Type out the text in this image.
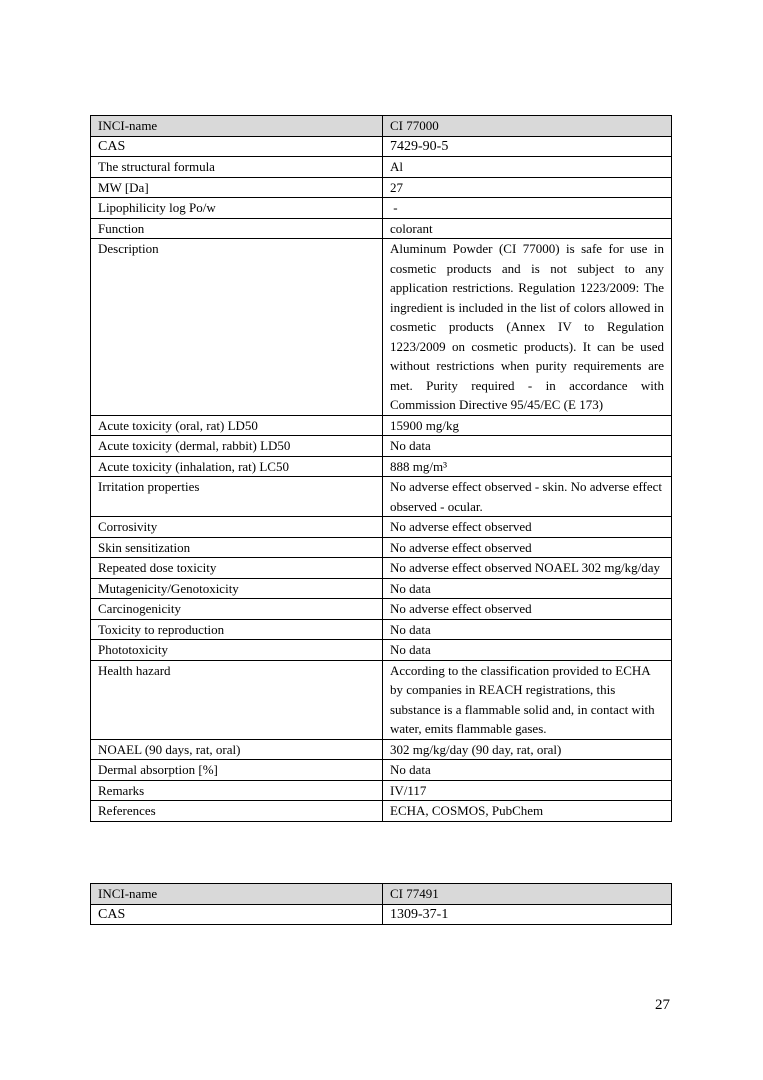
INCI-name	CI 77000
CAS	7429-90-5
The structural formula	Al
MW [Da]	27
Lipophilicity log Po/w	-
Function	colorant
Description	Aluminum Powder (CI 77000) is safe for use in cosmetic products and is not subject to any application restrictions. Regulation 1223/2009: The ingredient is included in the list of colors allowed in cosmetic products (Annex IV to Regulation 1223/2009 on cosmetic products). It can be used without restrictions when purity requirements are met. Purity required - in accordance with Commission Directive 95/45/EC (E 173)
Acute toxicity (oral, rat) LD50	15900 mg/kg
Acute toxicity (dermal, rabbit) LD50	No data
Acute toxicity (inhalation, rat) LC50	888 mg/m³
Irritation properties	No adverse effect observed - skin. No adverse effect observed - ocular.
Corrosivity	No adverse effect observed
Skin sensitization	No adverse effect observed
Repeated dose toxicity	No adverse effect observed NOAEL 302 mg/kg/day
Mutagenicity/Genotoxicity	No data
Carcinogenicity	No adverse effect observed
Toxicity to reproduction	No data
Phototoxicity	No data
Health hazard	According to the classification provided to ECHA by companies in REACH registrations, this substance is a flammable solid and, in contact with water, emits flammable gases.
NOAEL (90 days, rat, oral)	302 mg/kg/day (90 day, rat, oral)
Dermal absorption [%]	No data
Remarks	IV/117
References	ECHA, COSMOS, PubChem
INCI-name	CI 77491
CAS	1309-37-1
27
